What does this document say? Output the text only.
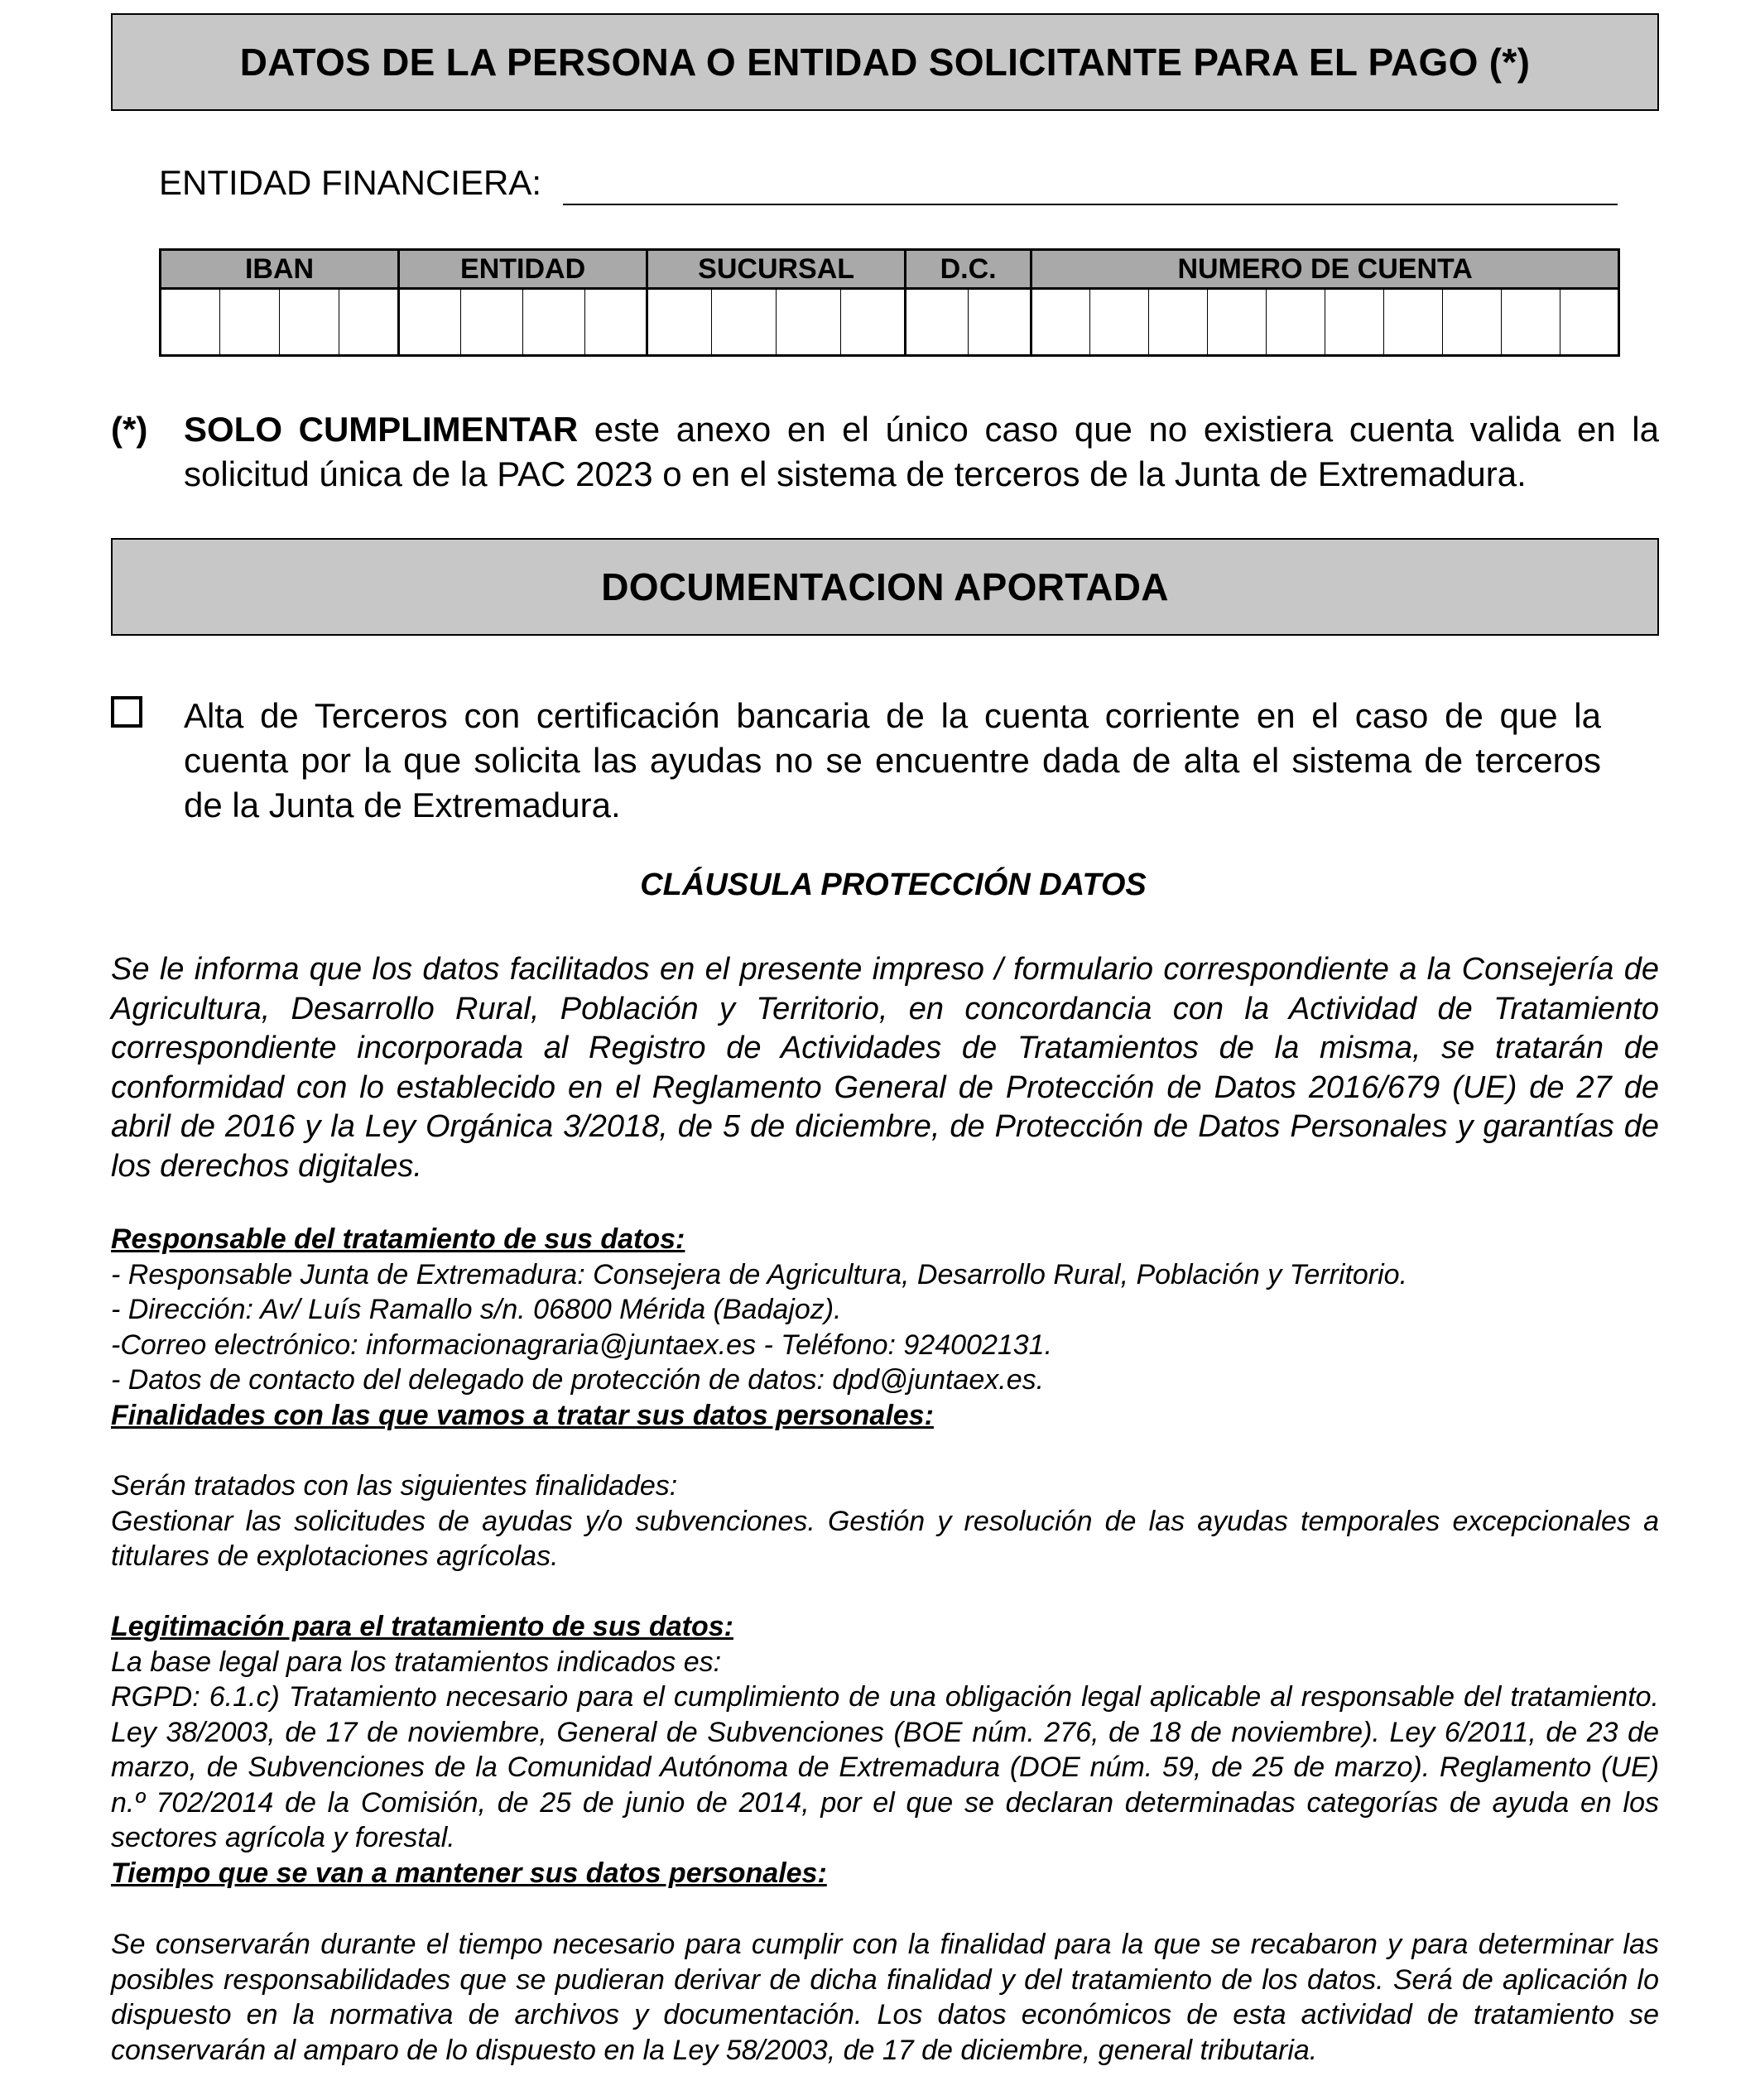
DATOS DE LA PERSONA O ENTIDAD SOLICITANTE PARA EL PAGO (*)
ENTIDAD FINANCIERA:
IBAN				ENTIDAD				SUCURSAL				D.C.		NUMERO DE CUENTA									

(*)	SOLO CUMPLIMENTAR este anexo en el único caso que no existiera cuenta valida en la solicitud única de la PAC 2023 o en el sistema de terceros de la Junta de Extremadura.
DOCUMENTACION APORTADA
Alta de Terceros con certificación bancaria de la cuenta corriente en el caso de que la cuenta por la que solicita las ayudas no se encuentre dada de alta el sistema de terceros de la Junta de Extremadura.
CLÁUSULA PROTECCIÓN DATOS
Se le informa que los datos facilitados en el presente impreso / formulario correspondiente a la Consejería de Agricultura, Desarrollo Rural, Población y Territorio, en concordancia con la Actividad de Tratamiento correspondiente incorporada al Registro de Actividades de Tratamientos de la misma, se tratarán de conformidad con lo establecido en el Reglamento General de Protección de Datos 2016/679 (UE) de 27 de abril de 2016 y la Ley Orgánica 3/2018, de 5 de diciembre, de Protección de Datos Personales y garantías de los derechos digitales.
Responsable del tratamiento de sus datos:
- Responsable Junta de Extremadura: Consejera de Agricultura, Desarrollo Rural, Población y Territorio.
- Dirección: Av/ Luís Ramallo s/n. 06800 Mérida (Badajoz).
-Correo electrónico: informacionagraria@juntaex.es - Teléfono: 924002131.
- Datos de contacto del delegado de protección de datos: dpd@juntaex.es.
Finalidades con las que vamos a tratar sus datos personales:
Serán tratados con las siguientes finalidades:
Gestionar las solicitudes de ayudas y/o subvenciones. Gestión y resolución de las ayudas temporales excepcionales a titulares de explotaciones agrícolas.
Legitimación para el tratamiento de sus datos:
La base legal para los tratamientos indicados es:
RGPD: 6.1.c) Tratamiento necesario para el cumplimiento de una obligación legal aplicable al responsable del tratamiento. Ley 38/2003, de 17 de noviembre, General de Subvenciones (BOE núm. 276, de 18 de noviembre). Ley 6/2011, de 23 de marzo, de Subvenciones de la Comunidad Autónoma de Extremadura (DOE núm. 59, de 25 de marzo). Reglamento (UE) n.º 702/2014 de la Comisión, de 25 de junio de 2014, por el que se declaran determinadas categorías de ayuda en los sectores agrícola y forestal.
Tiempo que se van a mantener sus datos personales:
Se conservarán durante el tiempo necesario para cumplir con la finalidad para la que se recabaron y para determinar las posibles responsabilidades que se pudieran derivar de dicha finalidad y del tratamiento de los datos. Será de aplicación lo dispuesto en la normativa de archivos y documentación. Los datos económicos de esta actividad de tratamiento se conservarán al amparo de lo dispuesto en la Ley 58/2003, de 17 de diciembre, general tributaria.
